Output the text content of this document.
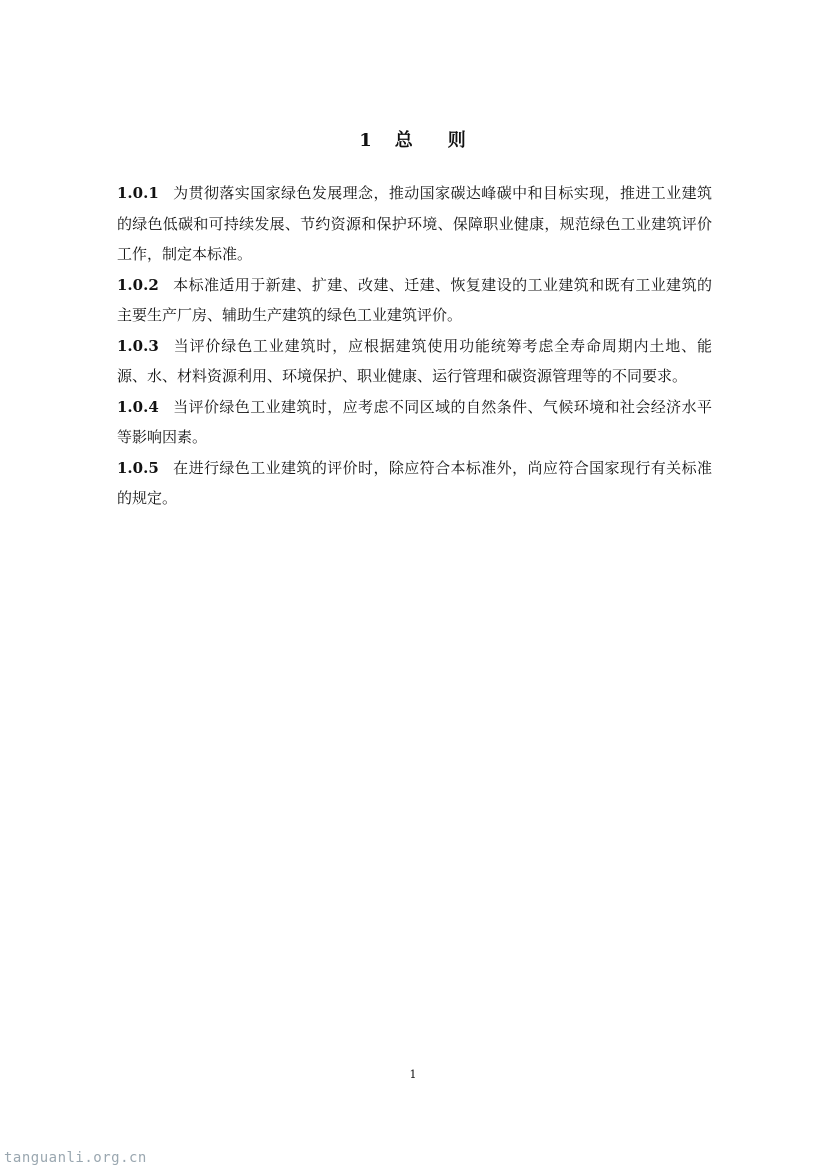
1 总 则

1.0.1 为贯彻落实国家绿色发展理念，推动国家碳达峰碳中和目标实现，推进工业建筑的绿色低碳和可持续发展、节约资源和保护环境、保障职业健康，规范绿色工业建筑评价工作，制定本标准。

1.0.2 本标准适用于新建、扩建、改建、迁建、恢复建设的工业建筑和既有工业建筑的主要生产厂房、辅助生产建筑的绿色工业建筑评价。

1.0.3 当评价绿色工业建筑时，应根据建筑使用功能统筹考虑全寿命周期内土地、能源、水、材料资源利用、环境保护、职业健康、运行管理和碳资源管理等的不同要求。

1.0.4 当评价绿色工业建筑时，应考虑不同区域的自然条件、气候环境和社会经济水平等影响因素。

1.0.5 在进行绿色工业建筑的评价时，除应符合本标准外，尚应符合国家现行有关标准的规定。

1
tanguanli.org.cn
